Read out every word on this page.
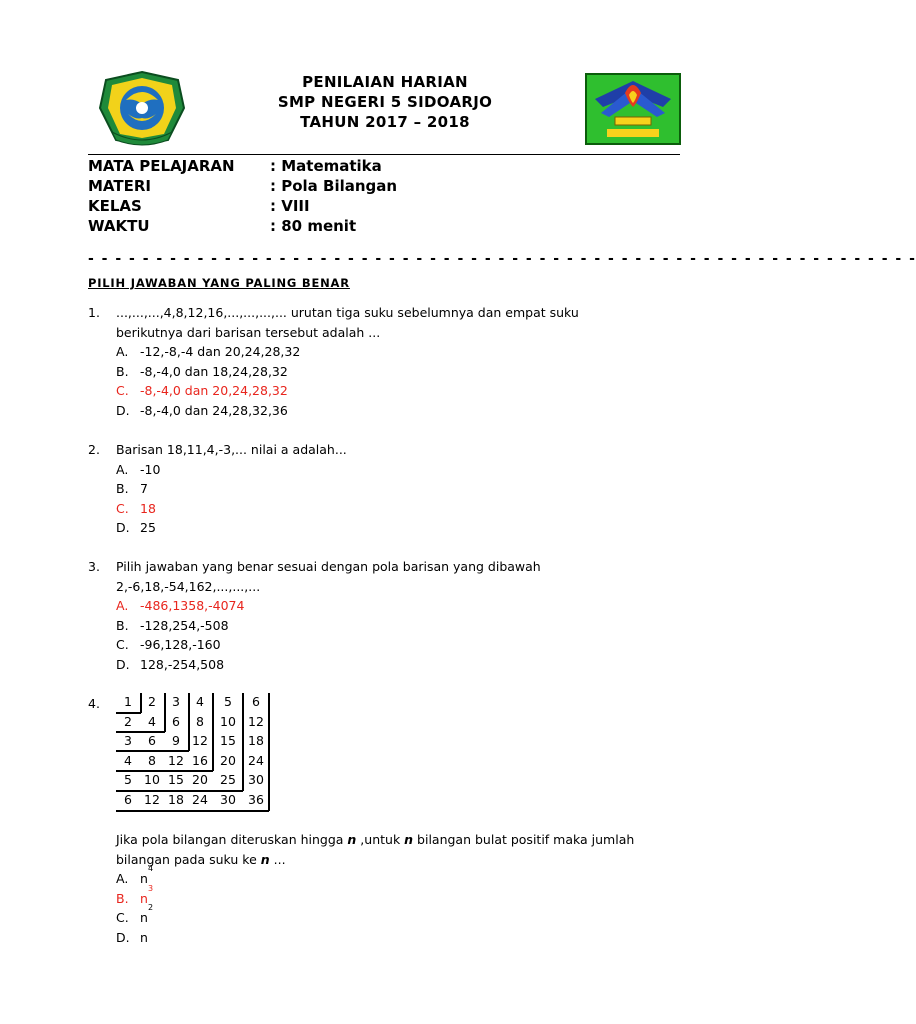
PENILAIAN HARIAN
SMP NEGERI 5 SIDOARJO
TAHUN 2017 – 2018
MATA PELAJARAN	: Matematika
MATERI	: Pola Bilangan
KELAS	: VIII
WAKTU	: 80 menit
- - - - - - - - - - - - - - - - - - - - - - - - - - - - - - - - - - - - - - - - - - - - - - - - - - - - - - - - - - - - -
PILIH JAWABAN YANG PALING BENAR
1. ...,...,...,4,8,12,16,...,...,...,... urutan tiga suku sebelumnya dan empat suku berikutnya dari barisan tersebut adalah ...
A. -12,-8,-4 dan 20,24,28,32
B. -8,-4,0 dan 18,24,28,32
C. -8,-4,0 dan 20,24,28,32
D. -8,-4,0 dan 24,28,32,36
2. Barisan 18,11,4,-3,... nilai a adalah...
A. -10
B. 7
C. 18
D. 25
3. Pilih jawaban yang benar sesuai dengan pola barisan yang dibawah
2,-6,18,-54,162,...,...,...
A. -486,1358,-4074
B. -128,254,-508
C. -96,128,-160
D. 128,-254,508
4.	1	2	3	4	5	6
2	4	6	8	10 12
3	6	9 12 15 18
4	8 12 16 20 24
5 10 15 20 25 30
6 12 18 24 30 36
Jika pola bilangan diteruskan hingga n ,untuk n bilangan bulat positif maka jumlah bilangan pada suku ke n ...
A. n
4
B. n
3
C. n
2
D. n
